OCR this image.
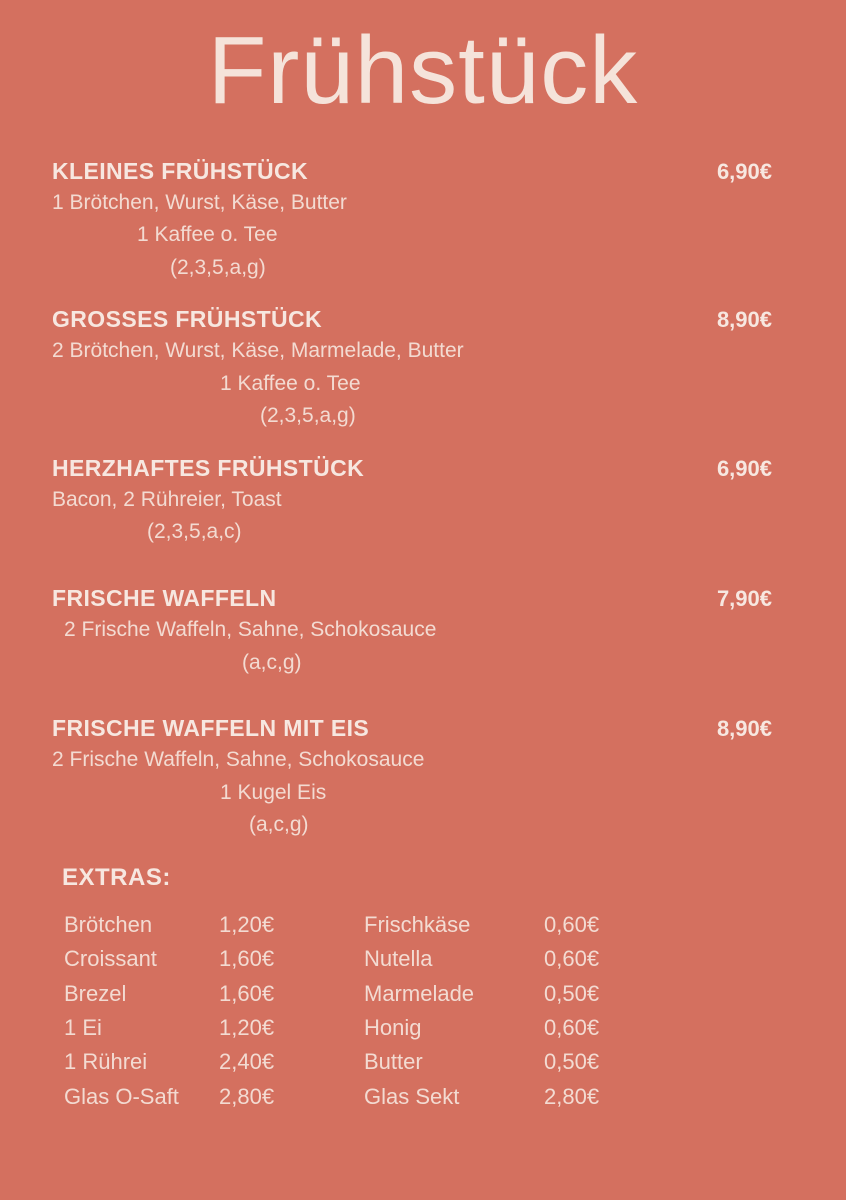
Frühstück
KLEINES FRÜHSTÜCK	6,90€
1 Brötchen, Wurst, Käse, Butter
1 Kaffee o. Tee
(2,3,5,a,g)
GROSSES FRÜHSTÜCK	8,90€
2 Brötchen, Wurst, Käse, Marmelade, Butter
1 Kaffee o. Tee
(2,3,5,a,g)
HERZHAFTES FRÜHSTÜCK	6,90€
Bacon, 2 Rühreier, Toast
(2,3,5,a,c)
FRISCHE WAFFELN	7,90€
2 Frische Waffeln, Sahne, Schokosauce
(a,c,g)
FRISCHE WAFFELN MIT EIS	8,90€
2 Frische Waffeln, Sahne, Schokosauce
1 Kugel Eis
(a,c,g)
EXTRAS:
Brötchen	1,20€	Frischkäse	0,60€
Croissant	1,60€	Nutella	0,60€
Brezel	1,60€	Marmelade	0,50€
1 Ei	1,20€	Honig	0,60€
1 Rührei	2,40€	Butter	0,50€
Glas O-Saft	2,80€	Glas Sekt	2,80€
